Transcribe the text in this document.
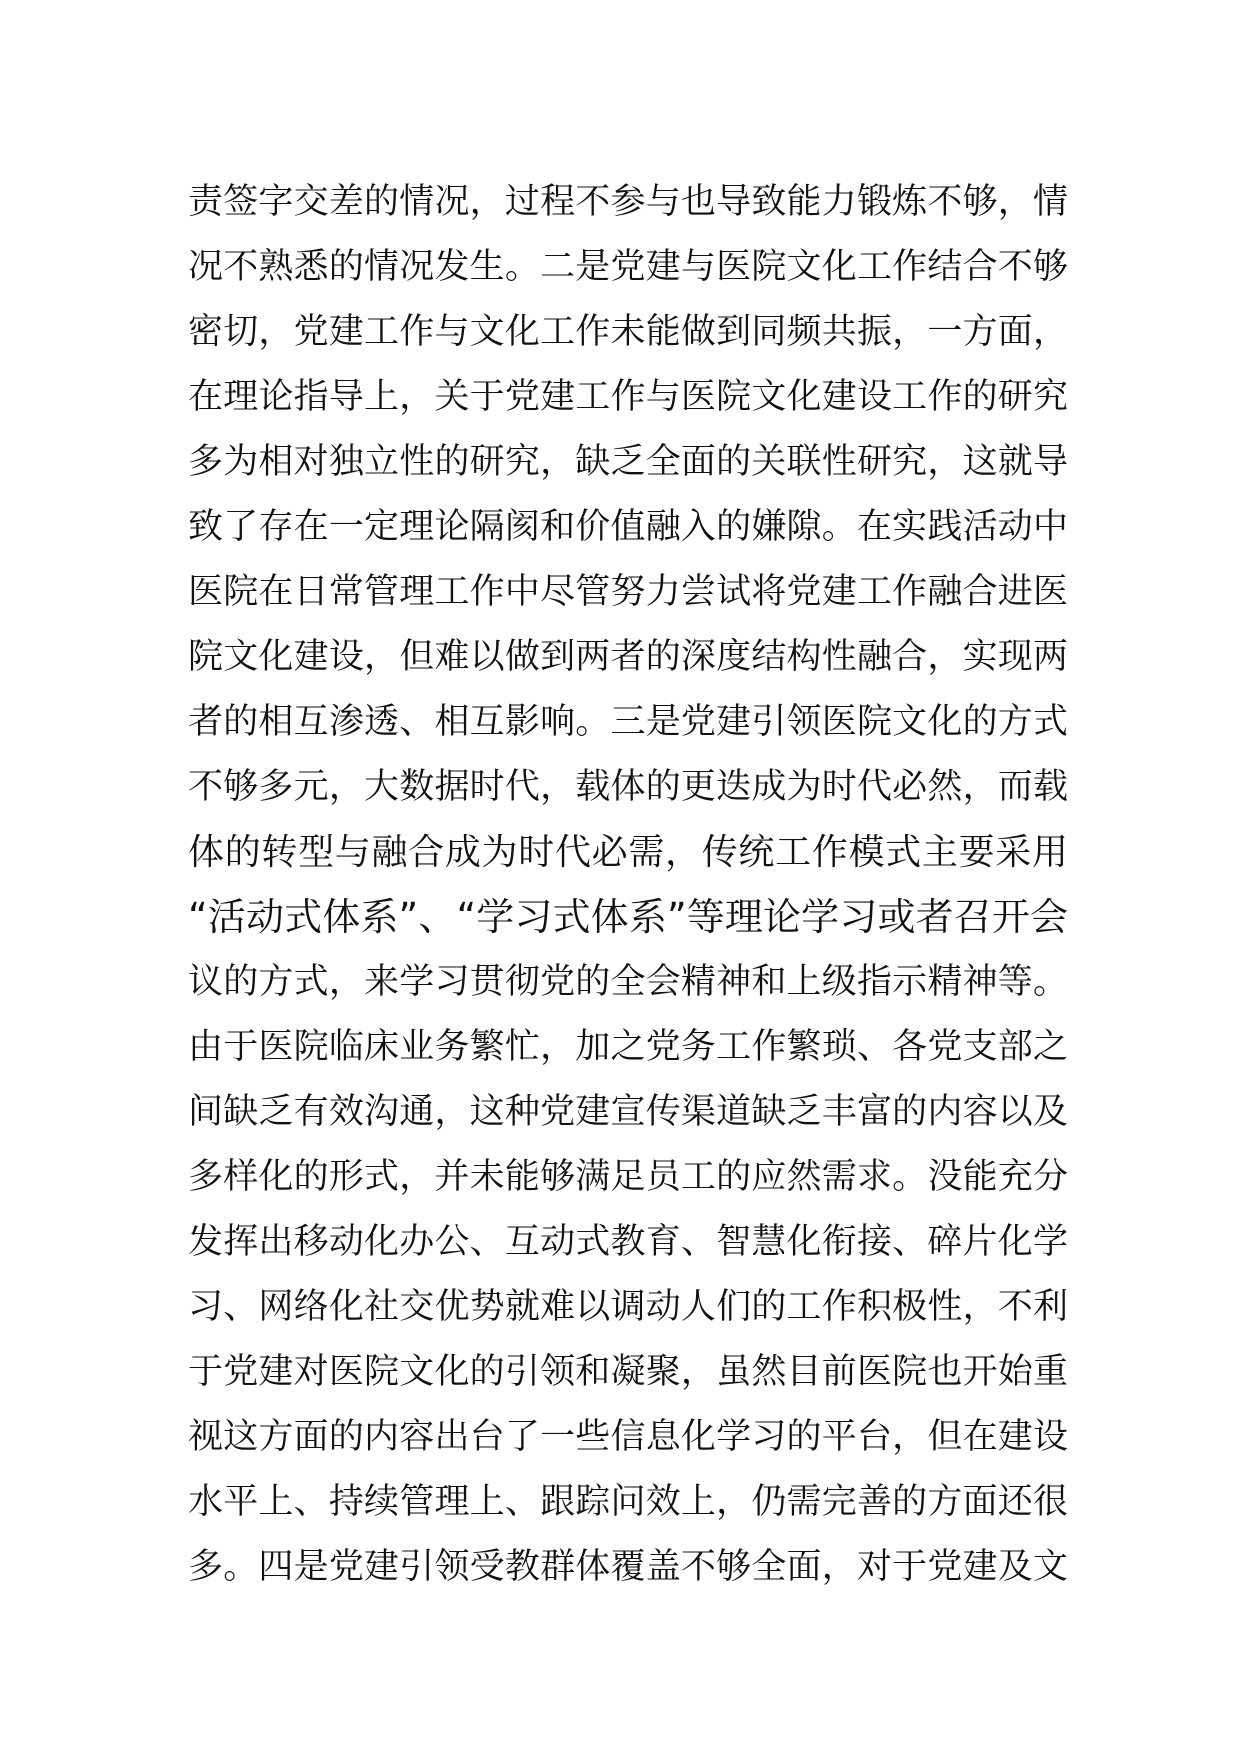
责签字交差的情况，过程不参与也导致能力锻炼不够，情
况不熟悉的情况发生。二是党建与医院文化工作结合不够
密切，党建工作与文化工作未能做到同频共振，一方面，
在理论指导上，关于党建工作与医院文化建设工作的研究
多为相对独立性的研究，缺乏全面的关联性研究，这就导
致了存在一定理论隔阂和价值融入的嫌隙。在实践活动中
医院在日常管理工作中尽管努力尝试将党建工作融合进医
院文化建设，但难以做到两者的深度结构性融合，实现两
者的相互渗透、相互影响。三是党建引领医院文化的方式
不够多元，大数据时代，载体的更迭成为时代必然，而载
体的转型与融合成为时代必需，传统工作模式主要采用
“活动式体系”、“学习式体系”等理论学习或者召开会
议的方式，来学习贯彻党的全会精神和上级指示精神等。
由于医院临床业务繁忙，加之党务工作繁琐、各党支部之
间缺乏有效沟通，这种党建宣传渠道缺乏丰富的内容以及
多样化的形式，并未能够满足员工的应然需求。没能充分
发挥出移动化办公、互动式教育、智慧化衔接、碎片化学
习、网络化社交优势就难以调动人们的工作积极性，不利
于党建对医院文化的引领和凝聚，虽然目前医院也开始重
视这方面的内容出台了一些信息化学习的平台，但在建设
水平上、持续管理上、跟踪问效上，仍需完善的方面还很
多。四是党建引领受教群体覆盖不够全面，对于党建及文
